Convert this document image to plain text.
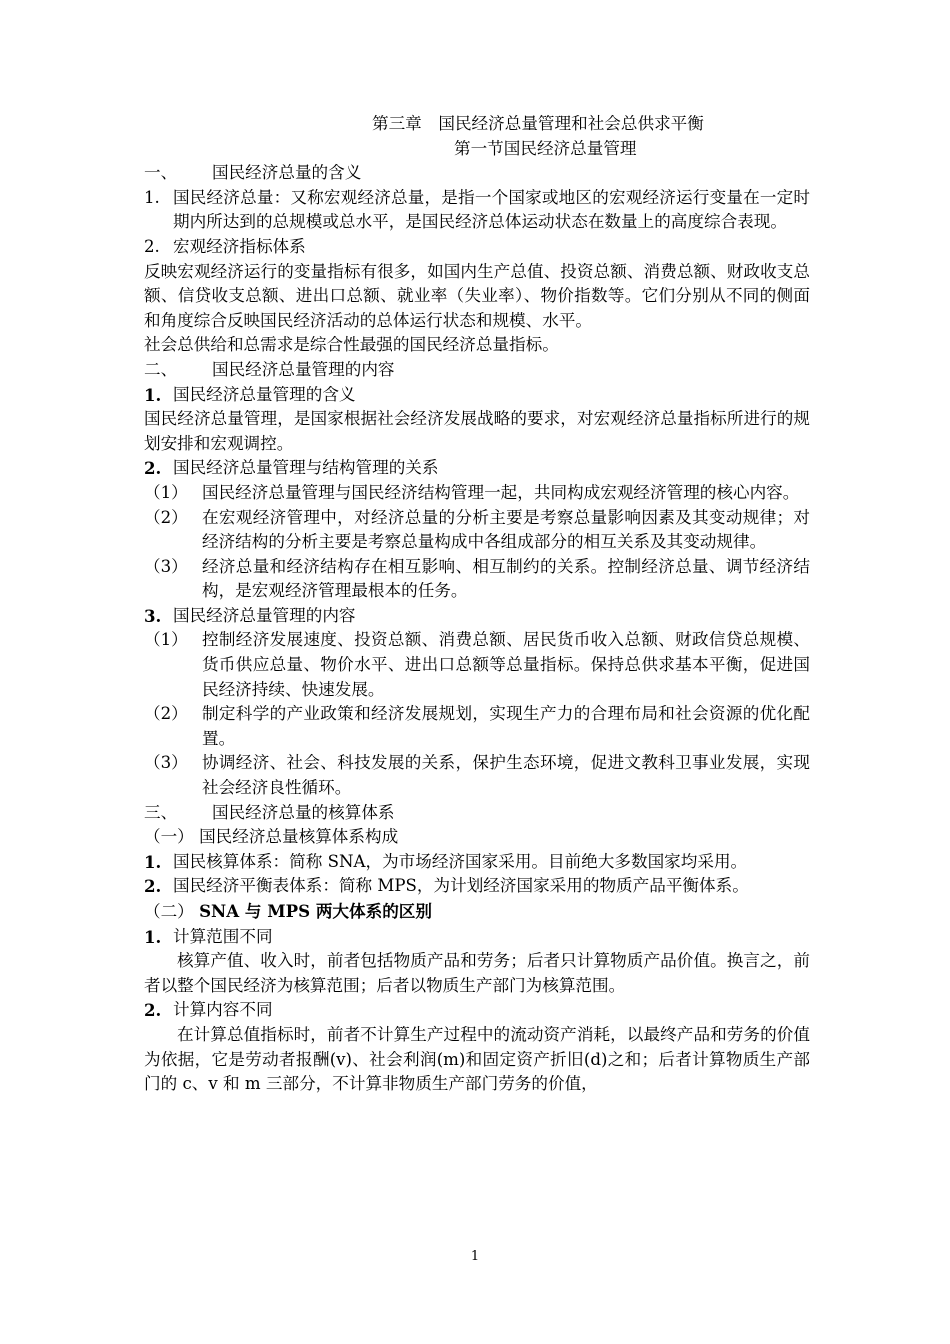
第三章　国民经济总量管理和社会总供求平衡
第一节国民经济总量管理
一、 国民经济总量的含义
1. 国民经济总量：又称宏观经济总量，是指一个国家或地区的宏观经济运行变量在一定时期内所达到的总规模或总水平，是国民经济总体运动状态在数量上的高度综合表现。
2. 宏观经济指标体系
反映宏观经济运行的变量指标有很多，如国内生产总值、投资总额、消费总额、财政收支总额、信贷收支总额、进出口总额、就业率（失业率）、物价指数等。它们分别从不同的侧面和角度综合反映国民经济活动的总体运行状态和规模、水平。
社会总供给和总需求是综合性最强的国民经济总量指标。
二、 国民经济总量管理的内容
1. 国民经济总量管理的含义
国民经济总量管理，是国家根据社会经济发展战略的要求，对宏观经济总量指标所进行的规划安排和宏观调控。
2. 国民经济总量管理与结构管理的关系
（1） 国民经济总量管理与国民经济结构管理一起，共同构成宏观经济管理的核心内容。
（2） 在宏观经济管理中，对经济总量的分析主要是考察总量影响因素及其变动规律；对经济结构的分析主要是考察总量构成中各组成部分的相互关系及其变动规律。
（3） 经济总量和经济结构存在相互影响、相互制约的关系。控制经济总量、调节经济结构，是宏观经济管理最根本的任务。
3. 国民经济总量管理的内容
（1） 控制经济发展速度、投资总额、消费总额、居民货币收入总额、财政信贷总规模、货币供应总量、物价水平、进出口总额等总量指标。保持总供求基本平衡，促进国民经济持续、快速发展。
（2） 制定科学的产业政策和经济发展规划，实现生产力的合理布局和社会资源的优化配置。
（3） 协调经济、社会、科技发展的关系，保护生态环境，促进文教科卫事业发展，实现社会经济良性循环。
三、 国民经济总量的核算体系
（一） 国民经济总量核算体系构成
1. 国民核算体系：简称 SNA，为市场经济国家采用。目前绝大多数国家均采用。
2. 国民经济平衡表体系：简称 MPS，为计划经济国家采用的物质产品平衡体系。
（二） SNA 与 MPS 两大体系的区别
1. 计算范围不同
核算产值、收入时，前者包括物质产品和劳务；后者只计算物质产品价值。换言之，前者以整个国民经济为核算范围；后者以物质生产部门为核算范围。
2. 计算内容不同
在计算总值指标时，前者不计算生产过程中的流动资产消耗，以最终产品和劳务的价值为依据，它是劳动者报酬(v)、社会利润(m)和固定资产折旧(d)之和；后者计算物质生产部门的 c、v 和 m 三部分，不计算非物质生产部门劳务的价值，
1
